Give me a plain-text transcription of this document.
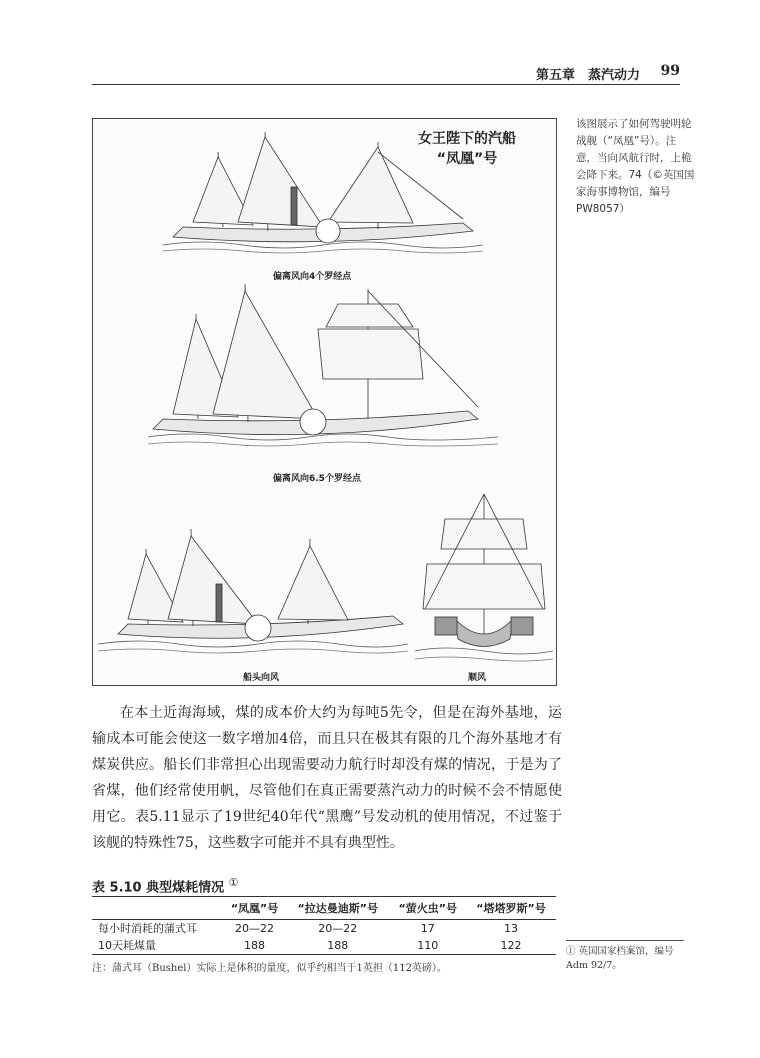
第五章　蒸汽动力 99
女王陛下的汽船
“凤凰”号
偏离风向4个罗经点
偏离风向6.5个罗经点
船头向风	顺风
该图展示了如何驾驶明轮战舰（“凤凰”号）。注意，当向风航行时，上桅会降下来。74（©英国国家海事博物馆，编号PW8057）

在本土近海海域，煤的成本价大约为每吨5先令，但是在海外基地，运输成本可能会使这一数字增加4倍，而且只在极其有限的几个海外基地才有煤炭供应。船长们非常担心出现需要动力航行时却没有煤的情况，于是为了省煤，他们经常使用帆，尽管他们在真正需要蒸汽动力的时候不会不情愿使用它。表5.11显示了19世纪40年代“黑鹰”号发动机的使用情况，不过鉴于该舰的特殊性75，这些数字可能并不具有典型性。

表 5.10 典型煤耗情况 ①
	“凤凰”号	“拉达曼迪斯”号	“萤火虫”号	“塔塔罗斯”号
每小时消耗的蒲式耳	20—22	20—22	17	13
10天耗煤量	188	188	110	122
注：蒲式耳（Bushel）实际上是体积的量度，似乎约相当于1英担（112英磅）。
① 英国国家档案馆，编号Adm 92/7。
